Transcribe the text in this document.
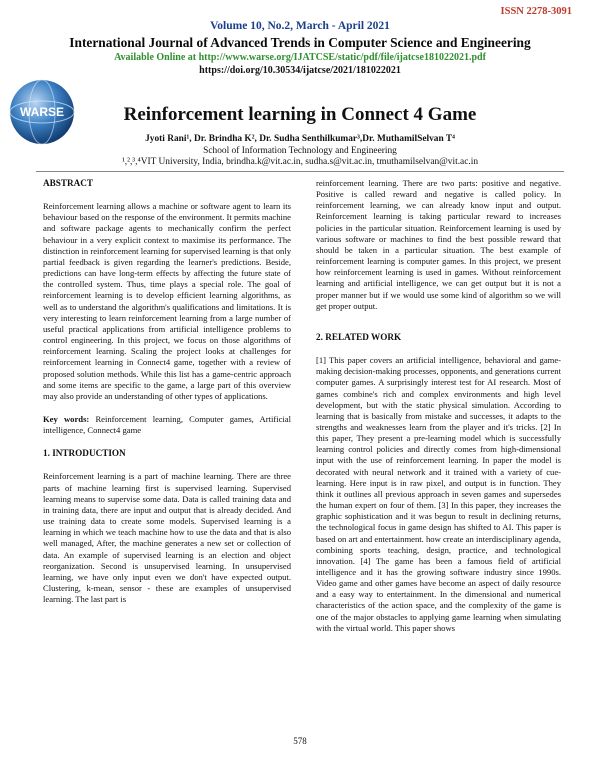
ISSN 2278-3091
Volume 10, No.2, March - April 2021
International Journal of Advanced Trends in Computer Science and Engineering
Available Online at http://www.warse.org/IJATCSE/static/pdf/file/ijatcse181022021.pdf
https://doi.org/10.30534/ijatcse/2021/181022021
WARSE	Reinforcement learning in Connect 4 Game
Jyoti Rani¹, Dr. Brindha K², Dr. Sudha Senthilkumar³,Dr. MuthamilSelvan T⁴
School of Information Technology and Engineering
¹,²,³,⁴VIT University, India, brindha.k@vit.ac.in, sudha.s@vit.ac.in, tmuthamilselvan@vit.ac.in
ABSTRACT
Reinforcement learning allows a machine or software agent to learn its behaviour based on the response of the environment. It permits machine and software package agents to mechanically confirm the perfect behaviour in a very explicit context to maximise its performance. The distinction in reinforcement learning for supervised learning is that only partial feedback is given regarding the learner's predictions. Beside, predictions can have long-term effects by affecting the future state of the controlled system. Thus, time plays a special role. The goal of reinforcement learning is to develop efficient learning algorithms, as well as to understand the algorithm's qualifications and limitations. It is very interesting to learn reinforcement learning from a large number of useful practical applications from artificial intelligence problems to control engineering. In this project, we focus on those algorithms of reinforcement learning. Scaling the project looks at challenges for reinforcement learning in Connect4 game, together with a review of proposed solution methods. While this list has a game-centric approach and some items are specific to the game, a large part of this overview may also provide an understanding of other types of applications.
Key words: Reinforcement learning, Computer games, Artificial intelligence, Connect4 game
1. INTRODUCTION
Reinforcement learning is a part of machine learning. There are three parts of machine learning first is supervised learning. Supervised learning means to supervise some data. Data is called training data and in training data, there are input and output that is already decided. And use training data to create some models. Supervised learning is a learning in which we teach machine how to use the data and that is also well managed, After, the machine generates a new set or collection of data. An example of supervised learning is an election and object reorganization. Second is unsupervised learning. In unsupervised learning, we have only input even we don't have expected output. Clustering, k-mean, sensor - these are examples of unsupervised learning. The last part is
reinforcement learning. There are two parts: positive and negative. Positive is called reward and negative is called policy. In reinforcement learning, we can already know input and output. Reinforcement learning is taking particular reward to increases policies in the particular situation. Reinforcement learning is used by various software or machines to find the best possible reward that should be taken in a particular situation. The best example of reinforcement learning is computer games. In this project, we present how reinforcement learning is used in games. Without reinforcement learning and artificial intelligence, we can get output but it is not a proper manner but if we would use some kind of algorithm so we will get proper output.
2. RELATED WORK
[1] This paper covers an artificial intelligence, behavioral and game-making decision-making processes, opponents, and generations current computer games. A surprisingly interest test for AI research. Most of games combine's rich and complex environments and high level development, but with the static physical simulation. According to learning that is basically from mistake and successes, it adapts to the strengths and weaknesses learn from the player and it's tricks. [2] In this paper, They present a pre-learning model which is successfully learning control policies and directly comes from high-dimensional input with the use of reinforcement learning. In paper the model is decorated with neural network and it trained with a variety of cue-learning. Here input is in raw pixel, and output is in function. They think it outlines all previous approach in seven games and supersedes the human expert on four of them. [3] In this paper, they increases the graphic sophistication and it was begun to result in declining returns, the technological focus in game design has shifted to AI. This paper is based on art and entertainment. how create an interdisciplinary agenda, combining sports teaching, design, practice, and technological innovation. [4] The game has been a famous field of artificial intelligence and it has the growing software industry since 1990s. Video game and other games have become an aspect of daily resource and a easy way to entertainment. In the dimensional and numerical characteristics of the action space, and the complexity of the game is one of the major obstacles to applying game learning when simulating with the virtual world. This paper shows
578
